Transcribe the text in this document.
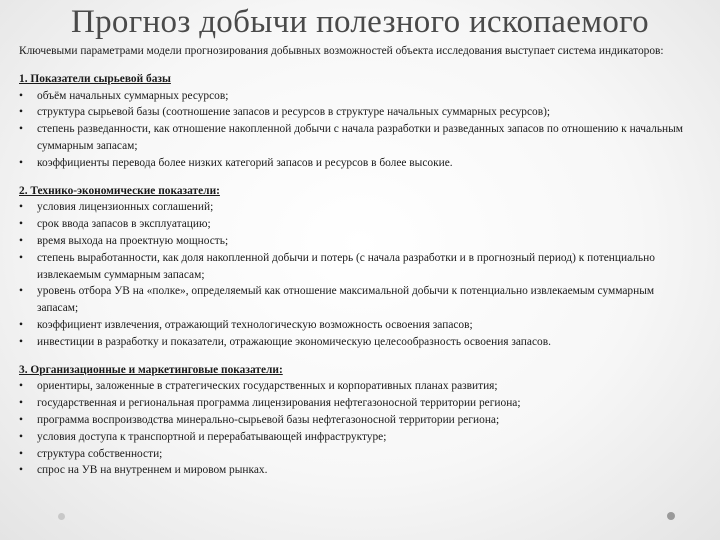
Прогноз добычи полезного ископаемого

Ключевыми параметрами модели прогнозирования добывных возможностей объекта исследования выступает система индикаторов:

1. Показатели сырьевой базы

• объём начальных суммарных ресурсов;

• структура сырьевой базы (соотношение запасов и ресурсов в структуре начальных суммарных ресурсов);

• степень разведанности, как отношение накопленной добычи с начала разработки и разведанных запасов по отношению к начальным суммарным запасам;

• коэффициенты перевода более низких категорий запасов и ресурсов в более высокие.

2. Технико-экономические показатели:

• условия лицензионных соглашений;

• срок ввода запасов в эксплуатацию;

• время выхода на проектную мощность;

• степень выработанности, как доля накопленной добычи и потерь (с начала разработки и в прогнозный период) к потенциально извлекаемым суммарным запасам;

• уровень отбора УВ на «полке», определяемый как отношение максимальной добычи к потенциально извлекаемым суммарным запасам;

• коэффициент извлечения, отражающий технологическую возможность освоения запасов;

• инвестиции в разработку и показатели, отражающие экономическую целесообразность освоения запасов.

3. Организационные и маркетинговые показатели:

• ориентиры, заложенные в стратегических государственных и корпоративных планах развития;

• государственная и региональная программа лицензирования нефтегазоносной территории региона;

• программа воспроизводства минерально-сырьевой базы нефтегазоносной территории региона;

• условия доступа к транспортной и перерабатывающей инфраструктуре;

• структура собственности;

• спрос на УВ на внутреннем и мировом рынках.
